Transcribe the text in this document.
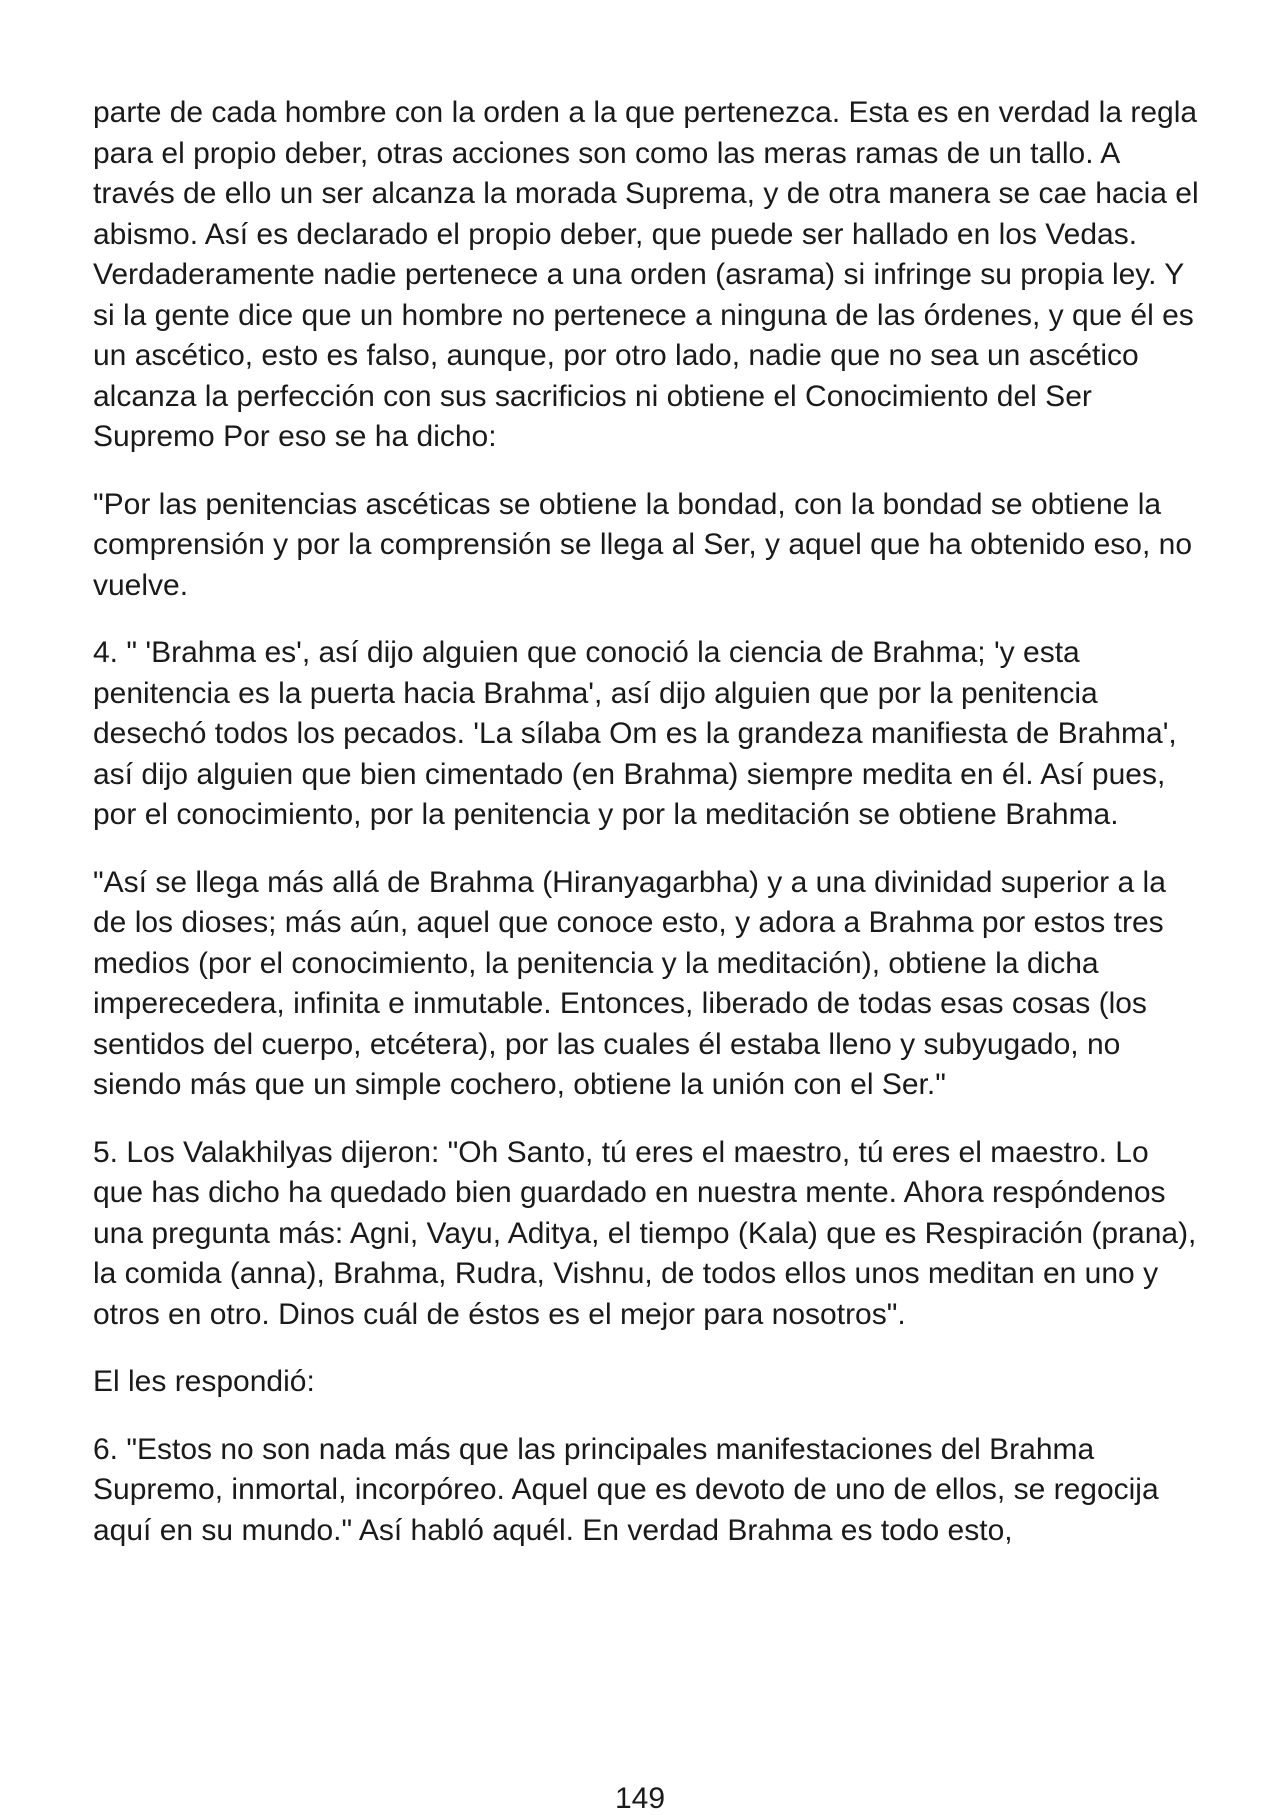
parte de cada hombre con la orden a la que pertenezca. Esta es en verdad la regla para el propio deber, otras acciones son como las meras ramas de un tallo. A través de ello un ser alcanza la morada Suprema, y de otra manera se cae hacia el abismo. Así es declarado el propio deber, que puede ser hallado en los Vedas. Verdaderamente nadie pertenece a una orden (asrama) si infringe su propia ley. Y si la gente dice que un hombre no pertenece a ninguna de las órdenes, y que él es un ascético, esto es falso, aunque, por otro lado, nadie que no sea un ascético alcanza la perfección con sus sacrificios ni obtiene el Conocimiento del Ser Supremo Por eso se ha dicho:

"Por las penitencias ascéticas se obtiene la bondad, con la bondad se obtiene la comprensión y por la comprensión se llega al Ser, y aquel que ha obtenido eso, no vuelve.

4. " 'Brahma es', así dijo alguien que conoció la ciencia de Brahma; 'y esta penitencia es la puerta hacia Brahma', así dijo alguien que por la penitencia desechó todos los pecados. 'La sílaba Om es la grandeza manifiesta de Brahma', así dijo alguien que bien cimentado (en Brahma) siempre medita en él. Así pues, por el conocimiento, por la penitencia y por la meditación se obtiene Brahma.

"Así se llega más allá de Brahma (Hiranyagarbha) y a una divinidad superior a la de los dioses; más aún, aquel que conoce esto, y adora a Brahma por estos tres medios (por el conocimiento, la penitencia y la meditación), obtiene la dicha imperecedera, infinita e inmutable. Entonces, liberado de todas esas cosas (los sentidos del cuerpo, etcétera), por las cuales él estaba lleno y subyugado, no siendo más que un simple cochero, obtiene la unión con el Ser."

5. Los Valakhilyas dijeron: "Oh Santo, tú eres el maestro, tú eres el maestro. Lo que has dicho ha quedado bien guardado en nuestra mente. Ahora respóndenos una pregunta más: Agni, Vayu, Aditya, el tiempo (Kala) que es Respiración (prana), la comida (anna), Brahma, Rudra, Vishnu, de todos ellos unos meditan en uno y otros en otro. Dinos cuál de éstos es el mejor para nosotros".

El les respondió:

6. "Estos no son nada más que las principales manifestaciones del Brahma Supremo, inmortal, incorpóreo. Aquel que es devoto de uno de ellos, se regocija aquí en su mundo." Así habló aquél. En verdad Brahma es todo esto,

149
